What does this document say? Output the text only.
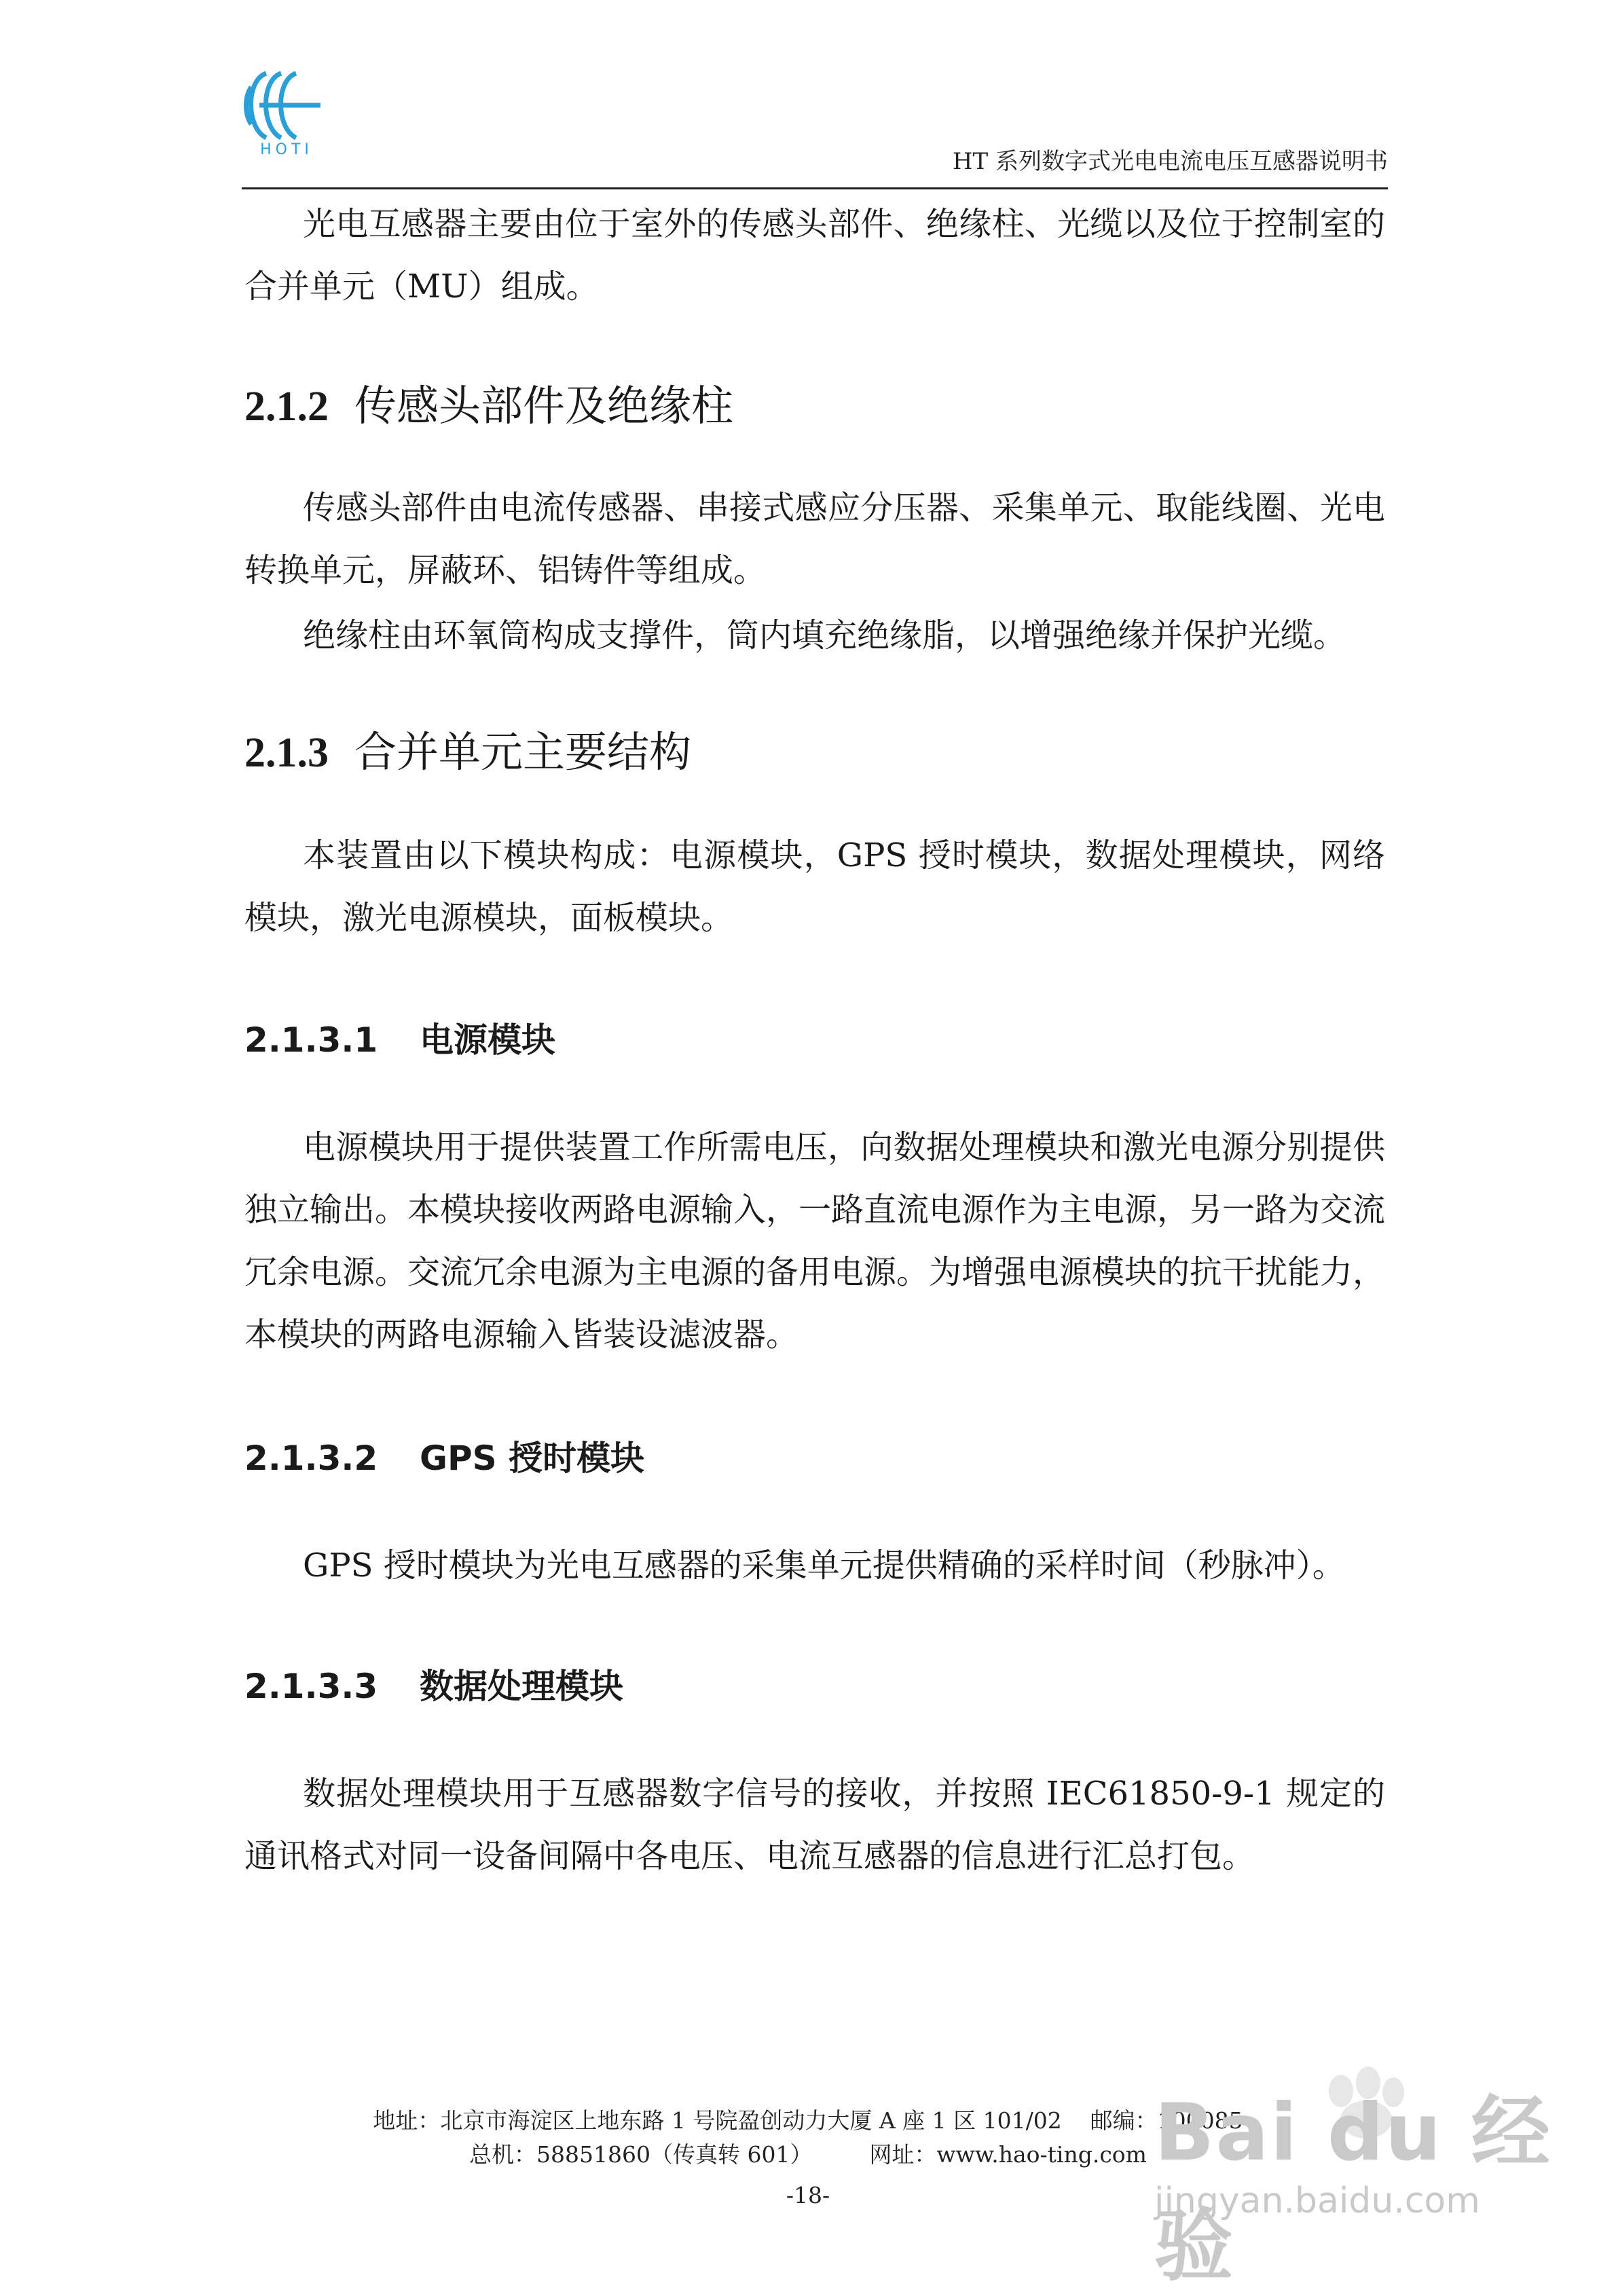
HOTI	HT 系列数字式光电电流电压互感器说明书

光电互感器主要由位于室外的传感头部件、绝缘柱、光缆以及位于控制室的合并单元（MU）组成。

2.1.2 传感头部件及绝缘柱

传感头部件由电流传感器、串接式感应分压器、采集单元、取能线圈、光电转换单元，屏蔽环、铝铸件等组成。

绝缘柱由环氧筒构成支撑件，筒内填充绝缘脂，以增强绝缘并保护光缆。

2.1.3 合并单元主要结构

本装置由以下模块构成：电源模块，GPS 授时模块，数据处理模块，网络模块，激光电源模块，面板模块。

2.1.3.1 电源模块

电源模块用于提供装置工作所需电压，向数据处理模块和激光电源分别提供独立输出。本模块接收两路电源输入，一路直流电源作为主电源，另一路为交流冗余电源。交流冗余电源为主电源的备用电源。为增强电源模块的抗干扰能力，本模块的两路电源输入皆装设滤波器。

2.1.3.2 GPS 授时模块

GPS 授时模块为光电互感器的采集单元提供精确的采样时间（秒脉冲）。

2.1.3.3 数据处理模块

数据处理模块用于互感器数字信号的接收，并按照 IEC61850-9-1 规定的通讯格式对同一设备间隔中各电压、电流互感器的信息进行汇总打包。

地址：北京市海淀区上地东路 1 号院盈创动力大厦 A 座 1 区 101/02    邮编：100085
总机：58851860（传真转 601）        网址：www.hao-ting.com
-18-
Bai du 经验
jingyan.baidu.com
